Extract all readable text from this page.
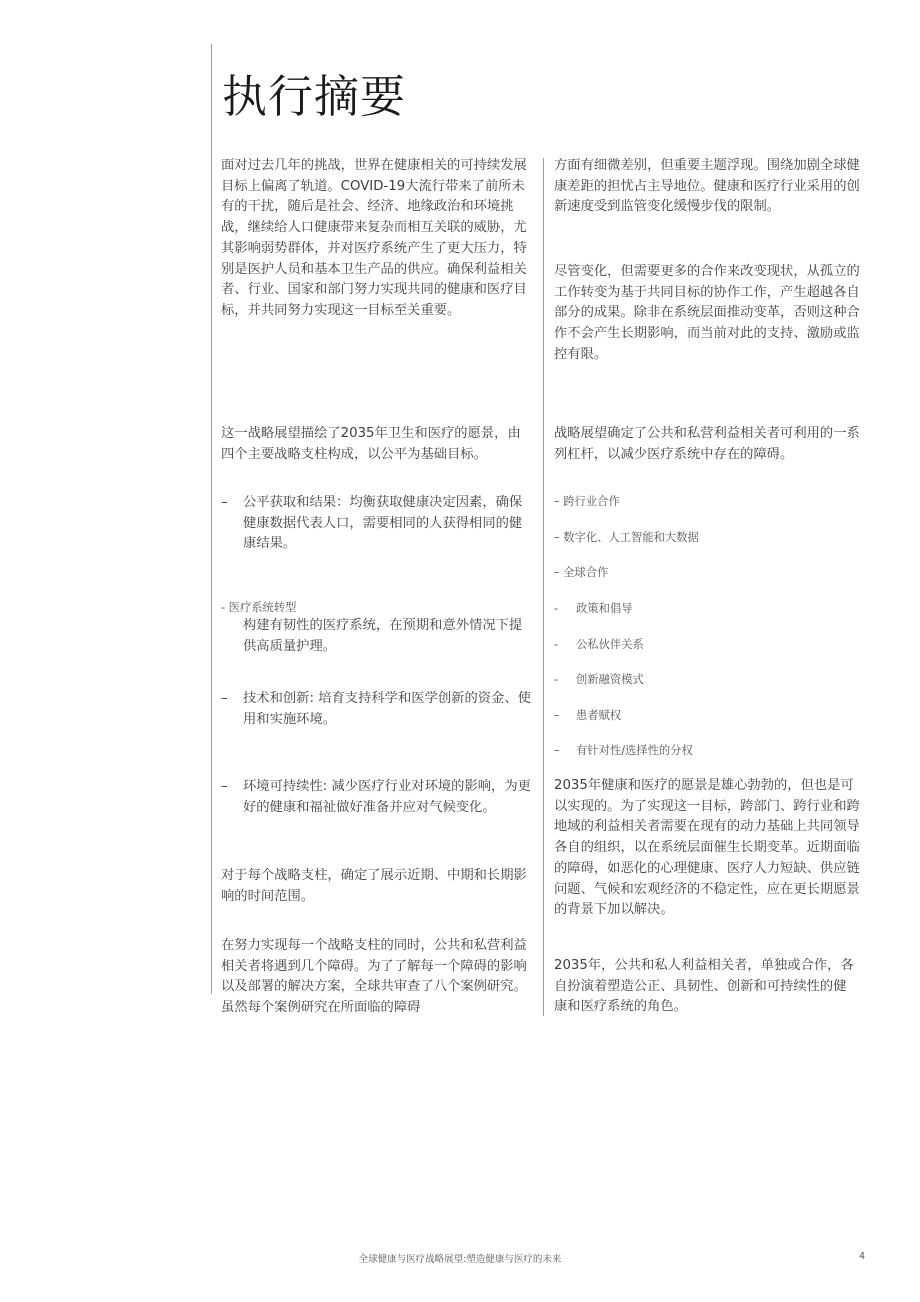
执行摘要

面对过去几年的挑战，世界在健康相关的可持续发展目标上偏离了轨道。COVID-19大流行带来了前所未有的干扰，随后是社会、经济、地缘政治和环境挑战，继续给人口健康带来复杂而相互关联的威胁，尤其影响弱势群体，并对医疗系统产生了更大压力，特别是医护人员和基本卫生产品的供应。确保利益相关者、行业、国家和部门努力实现共同的健康和医疗目标，并共同努力实现这一目标至关重要。

这一战略展望描绘了2035年卫生和医疗的愿景，由四个主要战略支柱构成，以公平为基础目标。

–	公平获取和结果：均衡获取健康决定因素，确保健康数据代表人口，需要相同的人获得相同的健康结果。
- 医疗系统转型
构建有韧性的医疗系统，在预期和意外情况下提供高质量护理。
–	技术和创新: 培育支持科学和医学创新的资金、使用和实施环境。
–	环境可持续性: 减少医疗行业对环境的影响，为更好的健康和福祉做好准备并应对气候变化。

对于每个战略支柱，确定了展示近期、中期和长期影响的时间范围。

在努力实现每一个战略支柱的同时，公共和私营利益相关者将遇到几个障碍。为了了解每一个障碍的影响以及部署的解决方案，全球共审查了八个案例研究。虽然每个案例研究在所面临的障碍

方面有细微差别，但重要主题浮现。围绕加剧全球健康差距的担忧占主导地位。健康和医疗行业采用的创新速度受到监管变化缓慢步伐的限制。

尽管变化，但需要更多的合作来改变现状，从孤立的工作转变为基于共同目标的协作工作，产生超越各自部分的成果。除非在系统层面推动变革，否则这种合作不会产生长期影响，而当前对此的支持、激励或监控有限。

战略展望确定了公共和私营利益相关者可利用的一系列杠杆，以减少医疗系统中存在的障碍。

– 跨行业合作
– 数字化、人工智能和大数据
– 全球合作
- 政策和倡导
- 公私伙伴关系
- 创新融资模式
– 患者赋权
– 有针对性/选择性的分权

2035年健康和医疗的愿景是雄心勃勃的，但也是可以实现的。为了实现这一目标，跨部门、跨行业和跨地域的利益相关者需要在现有的动力基础上共同领导各自的组织，以在系统层面催生长期变革。近期面临的障碍，如恶化的心理健康、医疗人力短缺、供应链问题、气候和宏观经济的不稳定性，应在更长期愿景的背景下加以解决。

2035年，公共和私人利益相关者，单独或合作，各自扮演着塑造公正、具韧性、创新和可持续性的健康和医疗系统的角色。

全球健康与医疗战略展望:塑造健康与医疗的未来	4
